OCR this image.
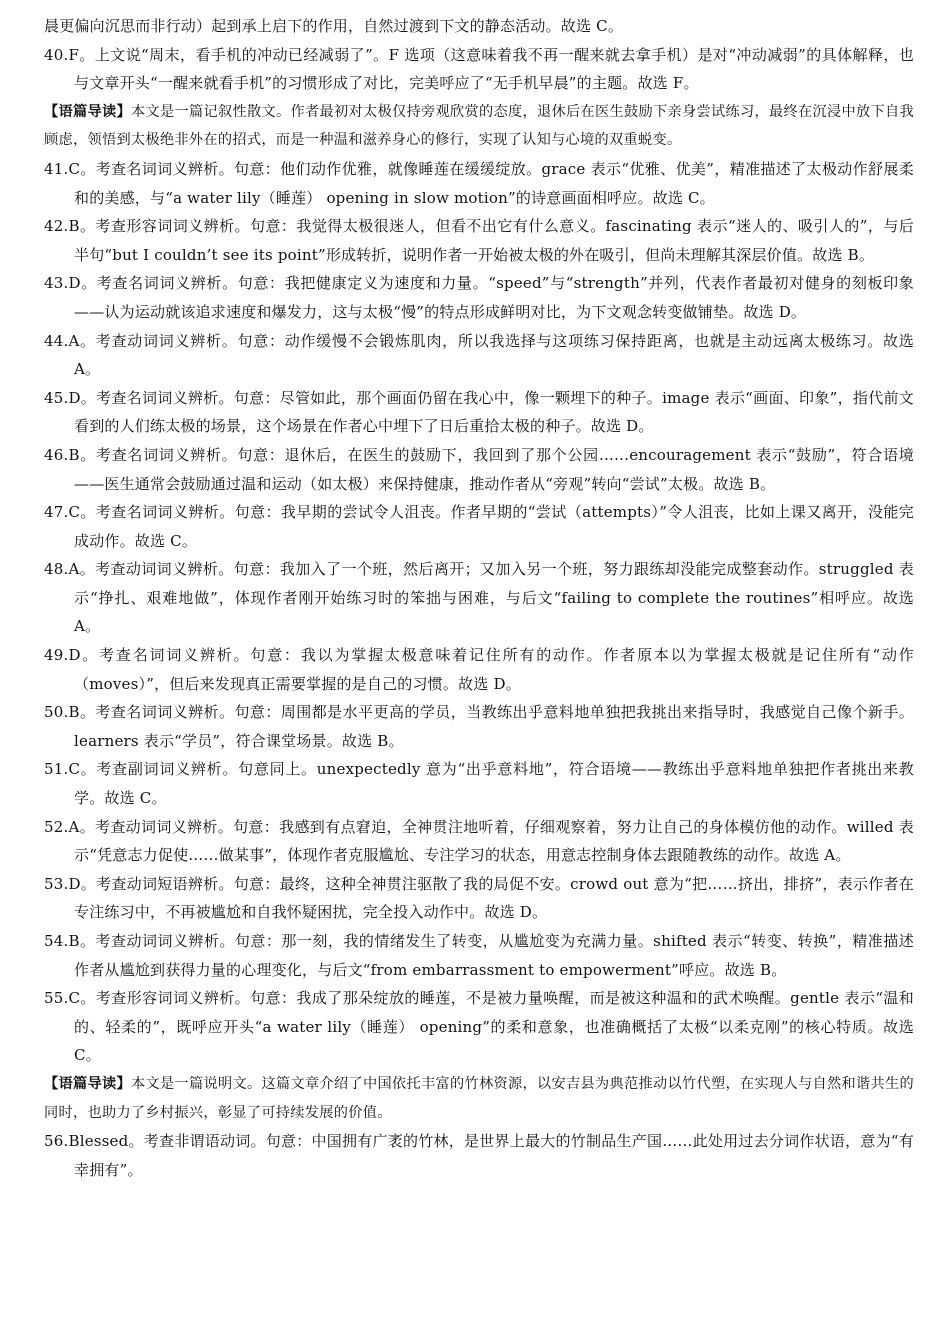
晨更偏向沉思而非行动）起到承上启下的作用，自然过渡到下文的静态活动。故选 C。

40.F。上文说“周末，看手机的冲动已经减弱了”。F 选项（这意味着我不再一醒来就去拿手机）是对“冲动减弱”的具体解释，也与文章开头“一醒来就看手机”的习惯形成了对比，完美呼应了“无手机早晨”的主题。故选 F。

【语篇导读】本文是一篇记叙性散文。作者最初对太极仅持旁观欣赏的态度，退休后在医生鼓励下亲身尝试练习，最终在沉浸中放下自我顾虑，领悟到太极绝非外在的招式，而是一种温和滋养身心的修行，实现了认知与心境的双重蜕变。

41.C。考查名词词义辨析。句意：他们动作优雅，就像睡莲在缓缓绽放。grace 表示“优雅、优美”，精准描述了太极动作舒展柔和的美感，与“a water lily（睡莲） opening in slow motion”的诗意画面相呼应。故选 C。

42.B。考查形容词词义辨析。句意：我觉得太极很迷人，但看不出它有什么意义。fascinating 表示“迷人的、吸引人的”，与后半句“but I couldn’t see its point”形成转折，说明作者一开始被太极的外在吸引，但尚未理解其深层价值。故选 B。

43.D。考查名词词义辨析。句意：我把健康定义为速度和力量。“speed”与“strength”并列，代表作者最初对健身的刻板印象——认为运动就该追求速度和爆发力，这与太极“慢”的特点形成鲜明对比，为下文观念转变做铺垫。故选 D。

44.A。考查动词词义辨析。句意：动作缓慢不会锻炼肌肉，所以我选择与这项练习保持距离，也就是主动远离太极练习。故选 A。

45.D。考查名词词义辨析。句意：尽管如此，那个画面仍留在我心中，像一颗埋下的种子。image 表示“画面、印象”，指代前文看到的人们练太极的场景，这个场景在作者心中埋下了日后重拾太极的种子。故选 D。

46.B。考查名词词义辨析。句意：退休后，在医生的鼓励下，我回到了那个公园……encouragement 表示“鼓励”，符合语境——医生通常会鼓励通过温和运动（如太极）来保持健康，推动作者从“旁观”转向“尝试”太极。故选 B。

47.C。考查名词词义辨析。句意：我早期的尝试令人沮丧。作者早期的“尝试（attempts）”令人沮丧，比如上课又离开，没能完成动作。故选 C。

48.A。考查动词词义辨析。句意：我加入了一个班，然后离开；又加入另一个班，努力跟练却没能完成整套动作。struggled 表示“挣扎、艰难地做”，体现作者刚开始练习时的笨拙与困难，与后文“failing to complete the routines”相呼应。故选 A。

49.D。考查名词词义辨析。句意：我以为掌握太极意味着记住所有的动作。作者原本以为掌握太极就是记住所有“动作（moves）”，但后来发现真正需要掌握的是自己的习惯。故选 D。

50.B。考查名词词义辨析。句意：周围都是水平更高的学员，当教练出乎意料地单独把我挑出来指导时，我感觉自己像个新手。learners 表示“学员”，符合课堂场景。故选 B。

51.C。考查副词词义辨析。句意同上。unexpectedly 意为“出乎意料地”，符合语境——教练出乎意料地单独把作者挑出来教学。故选 C。

52.A。考查动词词义辨析。句意：我感到有点窘迫，全神贯注地听着，仔细观察着，努力让自己的身体模仿他的动作。willed 表示“凭意志力促使……做某事”，体现作者克服尴尬、专注学习的状态，用意志控制身体去跟随教练的动作。故选 A。

53.D。考查动词短语辨析。句意：最终，这种全神贯注驱散了我的局促不安。crowd out 意为“把……挤出，排挤”，表示作者在专注练习中，不再被尴尬和自我怀疑困扰，完全投入动作中。故选 D。

54.B。考查动词词义辨析。句意：那一刻，我的情绪发生了转变，从尴尬变为充满力量。shifted 表示“转变、转换”，精准描述作者从尴尬到获得力量的心理变化，与后文“from embarrassment to empowerment”呼应。故选 B。

55.C。考查形容词词义辨析。句意：我成了那朵绽放的睡莲，不是被力量唤醒，而是被这种温和的武术唤醒。gentle 表示“温和的、轻柔的”，既呼应开头“a water lily（睡莲） opening”的柔和意象，也准确概括了太极“以柔克刚”的核心特质。故选 C。

【语篇导读】本文是一篇说明文。这篇文章介绍了中国依托丰富的竹林资源，以安吉县为典范推动以竹代塑，在实现人与自然和谐共生的同时，也助力了乡村振兴，彰显了可持续发展的价值。

56.Blessed。考查非谓语动词。句意：中国拥有广袤的竹林，是世界上最大的竹制品生产国……此处用过去分词作状语，意为“有幸拥有”。
